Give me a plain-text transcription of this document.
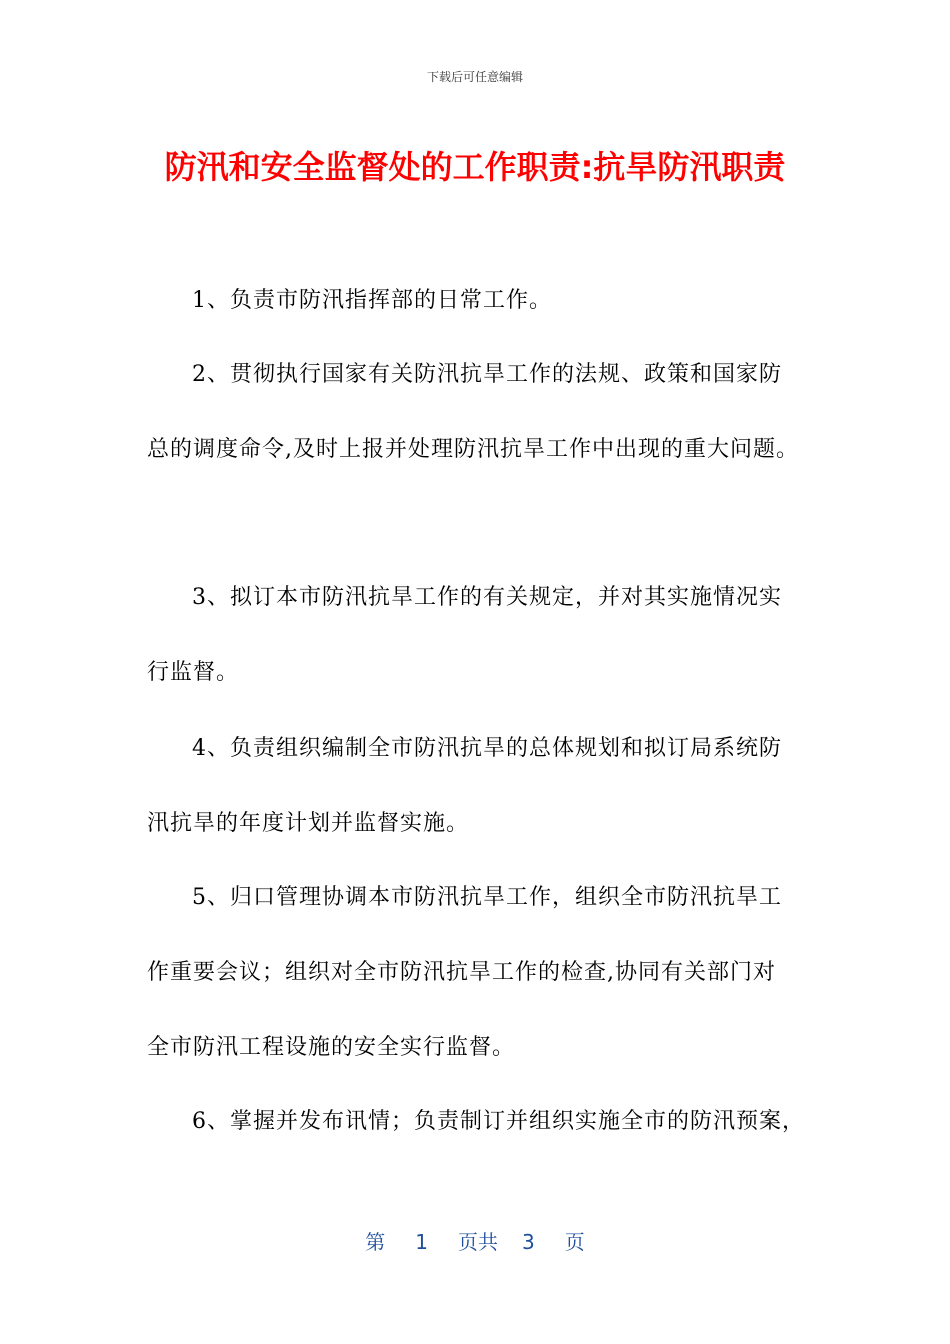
下载后可任意编辑
防汛和安全监督处的工作职责:抗旱防汛职责
1、负责市防汛指挥部的日常工作。
2、贯彻执行国家有关防汛抗旱工作的法规、政策和国家防
总的调度命令,及时上报并处理防汛抗旱工作中出现的重大问题。
3、拟订本市防汛抗旱工作的有关规定，并对其实施情况实
行监督。
4、负责组织编制全市防汛抗旱的总体规划和拟订局系统防
汛抗旱的年度计划并监督实施。
5、归口管理协调本市防汛抗旱工作，组织全市防汛抗旱工
作重要会议；组织对全市防汛抗旱工作的检查,协同有关部门对
全市防汛工程设施的安全实行监督。
6、掌握并发布讯情；负责制订并组织实施全市的防汛预案，
第 1 页共 3 页
